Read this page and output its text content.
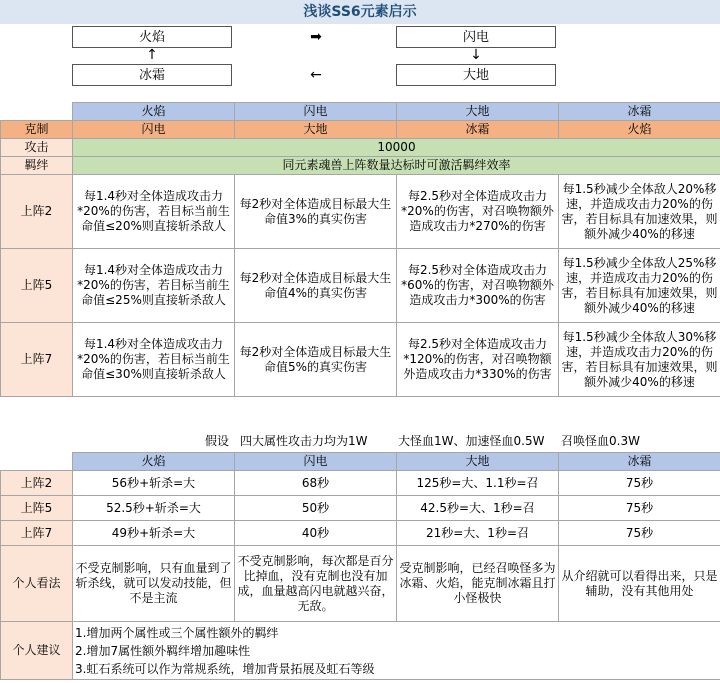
浅谈SS6元素启示
火焰	➡	闪电
↑	↓
冰霜	←	大地
	火焰	闪电	大地	冰霜
克制	闪电	大地	冰霜	火焰
攻击	10000			
羁绊	同元素魂兽上阵数量达标时可激活羁绊效率			
上阵2	每1.4秒对全体造成攻击力*20%的伤害，若目标当前生命值≤20%则直接斩杀敌人	每2秒对全体造成目标最大生命值3%的真实伤害	每2.5秒对全体造成攻击力*20%的伤害，对召唤物额外造成攻击力*270%的伤害	每1.5秒减少全体敌人20%移速，并造成攻击力20%的伤害，若目标具有加速效果，则额外减少40%的移速
上阵5	每1.4秒对全体造成攻击力*20%的伤害，若目标当前生命值≤25%则直接斩杀敌人	每2秒对全体造成目标最大生命值4%的真实伤害	每2.5秒对全体造成攻击力*60%的伤害，对召唤物额外造成攻击力*300%的伤害	每1.5秒减少全体敌人25%移速，并造成攻击力20%的伤害，若目标具有加速效果，则额外减少40%的移速
上阵7	每1.4秒对全体造成攻击力*20%的伤害，若目标当前生命值≤30%则直接斩杀敌人	每2秒对全体造成目标最大生命值5%的真实伤害	每2.5秒对全体造成攻击力*120%的伤害，对召唤物额外造成攻击力*330%的伤害	每1.5秒减少全体敌人30%移速，并造成攻击力20%的伤害，若目标具有加速效果，则额外减少40%的移速
假设 四大属性攻击力均为1W	大怪血1W、加速怪血0.5W 召唤怪血0.3W
	火焰	闪电	大地	冰霜
上阵2	56秒+斩杀=大	68秒	125秒=大、1.1秒=召	75秒
上阵5	52.5秒+斩杀=大	50秒	42.5秒=大、1秒=召	75秒
上阵7	49秒+斩杀=大	40秒	21秒=大、1秒=召	75秒
个人看法	不受克制影响，只有血量到了斩杀线，就可以发动技能，但不是主流	不受克制影响，每次都是百分比掉血，没有克制也没有加成，血量越高闪电就越兴奋，无敌。	受克制影响，已经召唤怪多为冰霜、火焰，能克制冰霜且打小怪极快	从介绍就可以看得出来，只是辅助，没有其他用处
个人建议	1.增加两个属性或三个属性额外的羁绊
2.增加7属性额外羁绊增加趣味性
3.虹石系统可以作为常规系统，增加背景拓展及虹石等级			
